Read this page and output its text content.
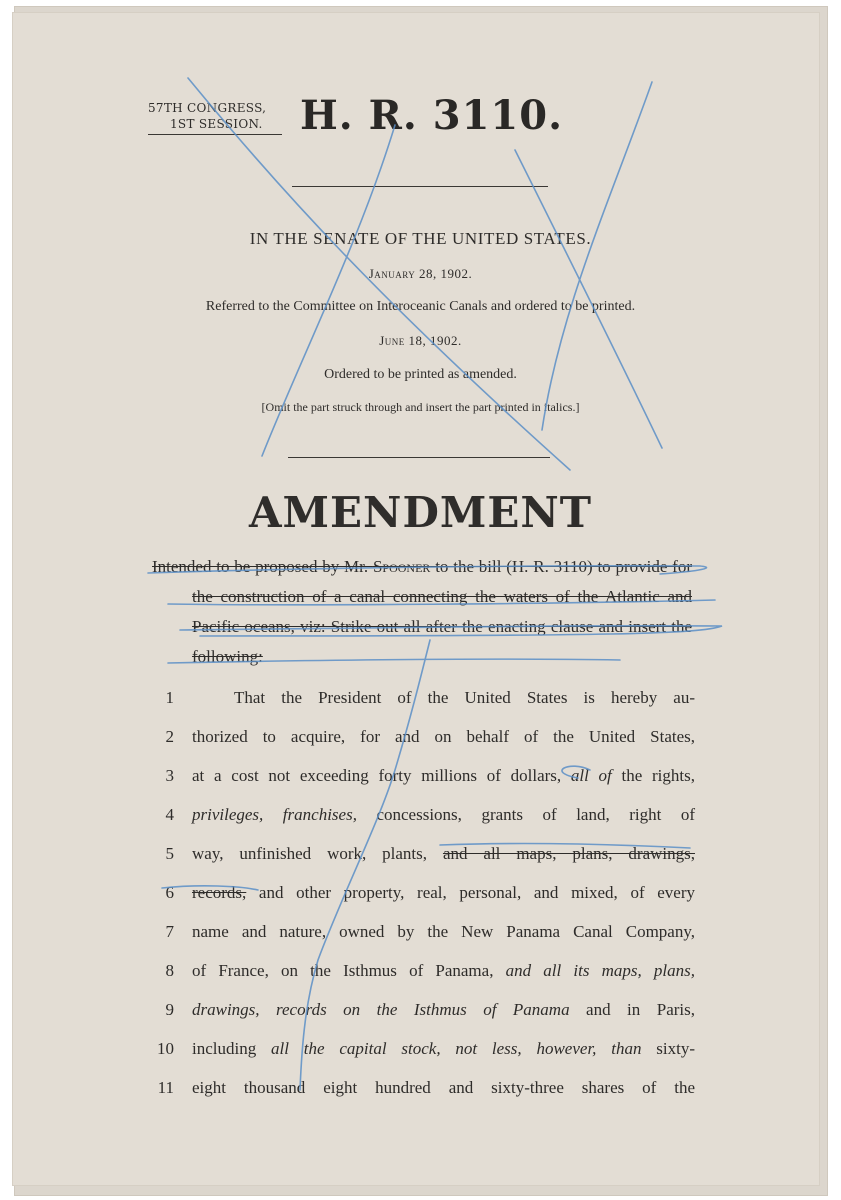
57TH CONGRESS,
1ST SESSION. H. R. 3110.
IN THE SENATE OF THE UNITED STATES.
January 28, 1902.
Referred to the Committee on Interoceanic Canals and ordered to be printed.
June 18, 1902.
Ordered to be printed as amended.
[Omit the part struck through and insert the part printed in italics.]
AMENDMENT

Intended to be proposed by Mr. Spooner to the bill (H. R. 3110) to provide for the construction of a canal connecting the waters of the Atlantic and Pacific oceans, viz: Strike out all after the enacting clause and insert the following:

1	That the President of the United States is hereby au-
2 thorized to acquire, for and on behalf of the United States,
3 at a cost not exceeding forty millions of dollars, all of the rights,
4 privileges, franchises, concessions, grants of land, right of
5 way, unfinished work, plants, and all maps, plans, drawings,
6 records, and other property, real, personal, and mixed, of every
7 name and nature, owned by the New Panama Canal Company,
8 of France, on the Isthmus of Panama, and all its maps, plans,
9 drawings, records on the Isthmus of Panama and in Paris,
10 including all the capital stock, not less, however, than sixty-
11 eight thousand eight hundred and sixty-three shares of the
